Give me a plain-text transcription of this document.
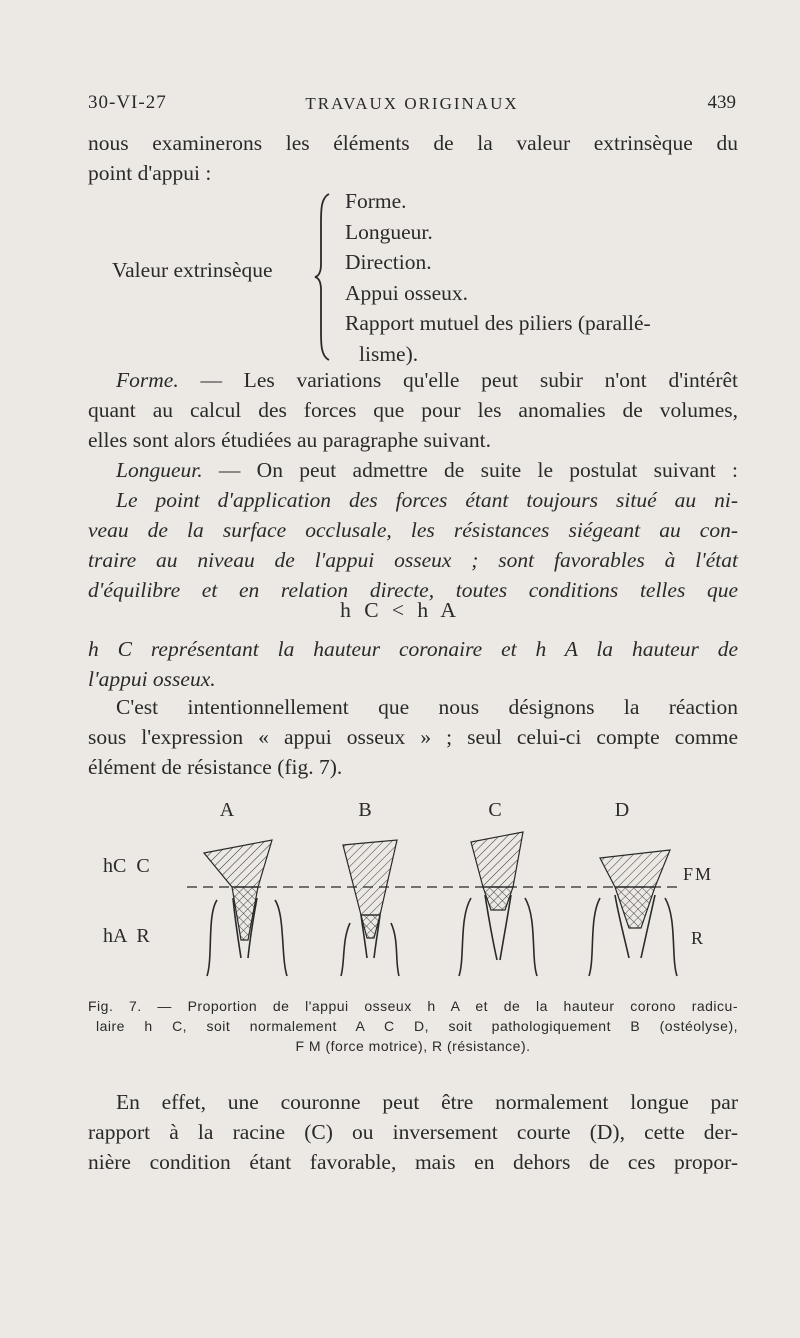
30-VI-27	TRAVAUX ORIGINAUX	439
nous examinerons les éléments de la valeur extrinsèque du
point d'appui :
Valeur extrinsèque
Forme.
Longueur.
Direction.
Appui osseux.
Rapport mutuel des piliers (parallé-
lisme).
Forme. — Les variations qu'elle peut subir n'ont d'intérêt
quant au calcul des forces que pour les anomalies de volumes,
elles sont alors étudiées au paragraphe suivant.
Longueur. — On peut admettre de suite le postulat suivant :
Le point d'application des forces étant toujours situé au ni-
veau de la surface occlusale, les résistances siégeant au con-
traire au niveau de l'appui osseux ; sont favorables à l'état
d'équilibre et en relation directe, toutes conditions telles que
h C < h A
h C représentant la hauteur coronaire et h A la hauteur de
l'appui osseux.
C'est intentionnellement que nous désignons la réaction
sous l'expression « appui osseux » ; seul celui-ci compte comme
élément de résistance (fig. 7).
A	B	C	D
hC  C
hA  R
FM
R
Fig. 7. — Proportion de l'appui osseux h A et de la hauteur corono radicu-
laire h C, soit normalement A C D, soit pathologiquement B (ostéolyse),
F M (force motrice), R (résistance).
En effet, une couronne peut être normalement longue par
rapport à la racine (C) ou inversement courte (D), cette der-
nière condition étant favorable, mais en dehors de ces propor-
